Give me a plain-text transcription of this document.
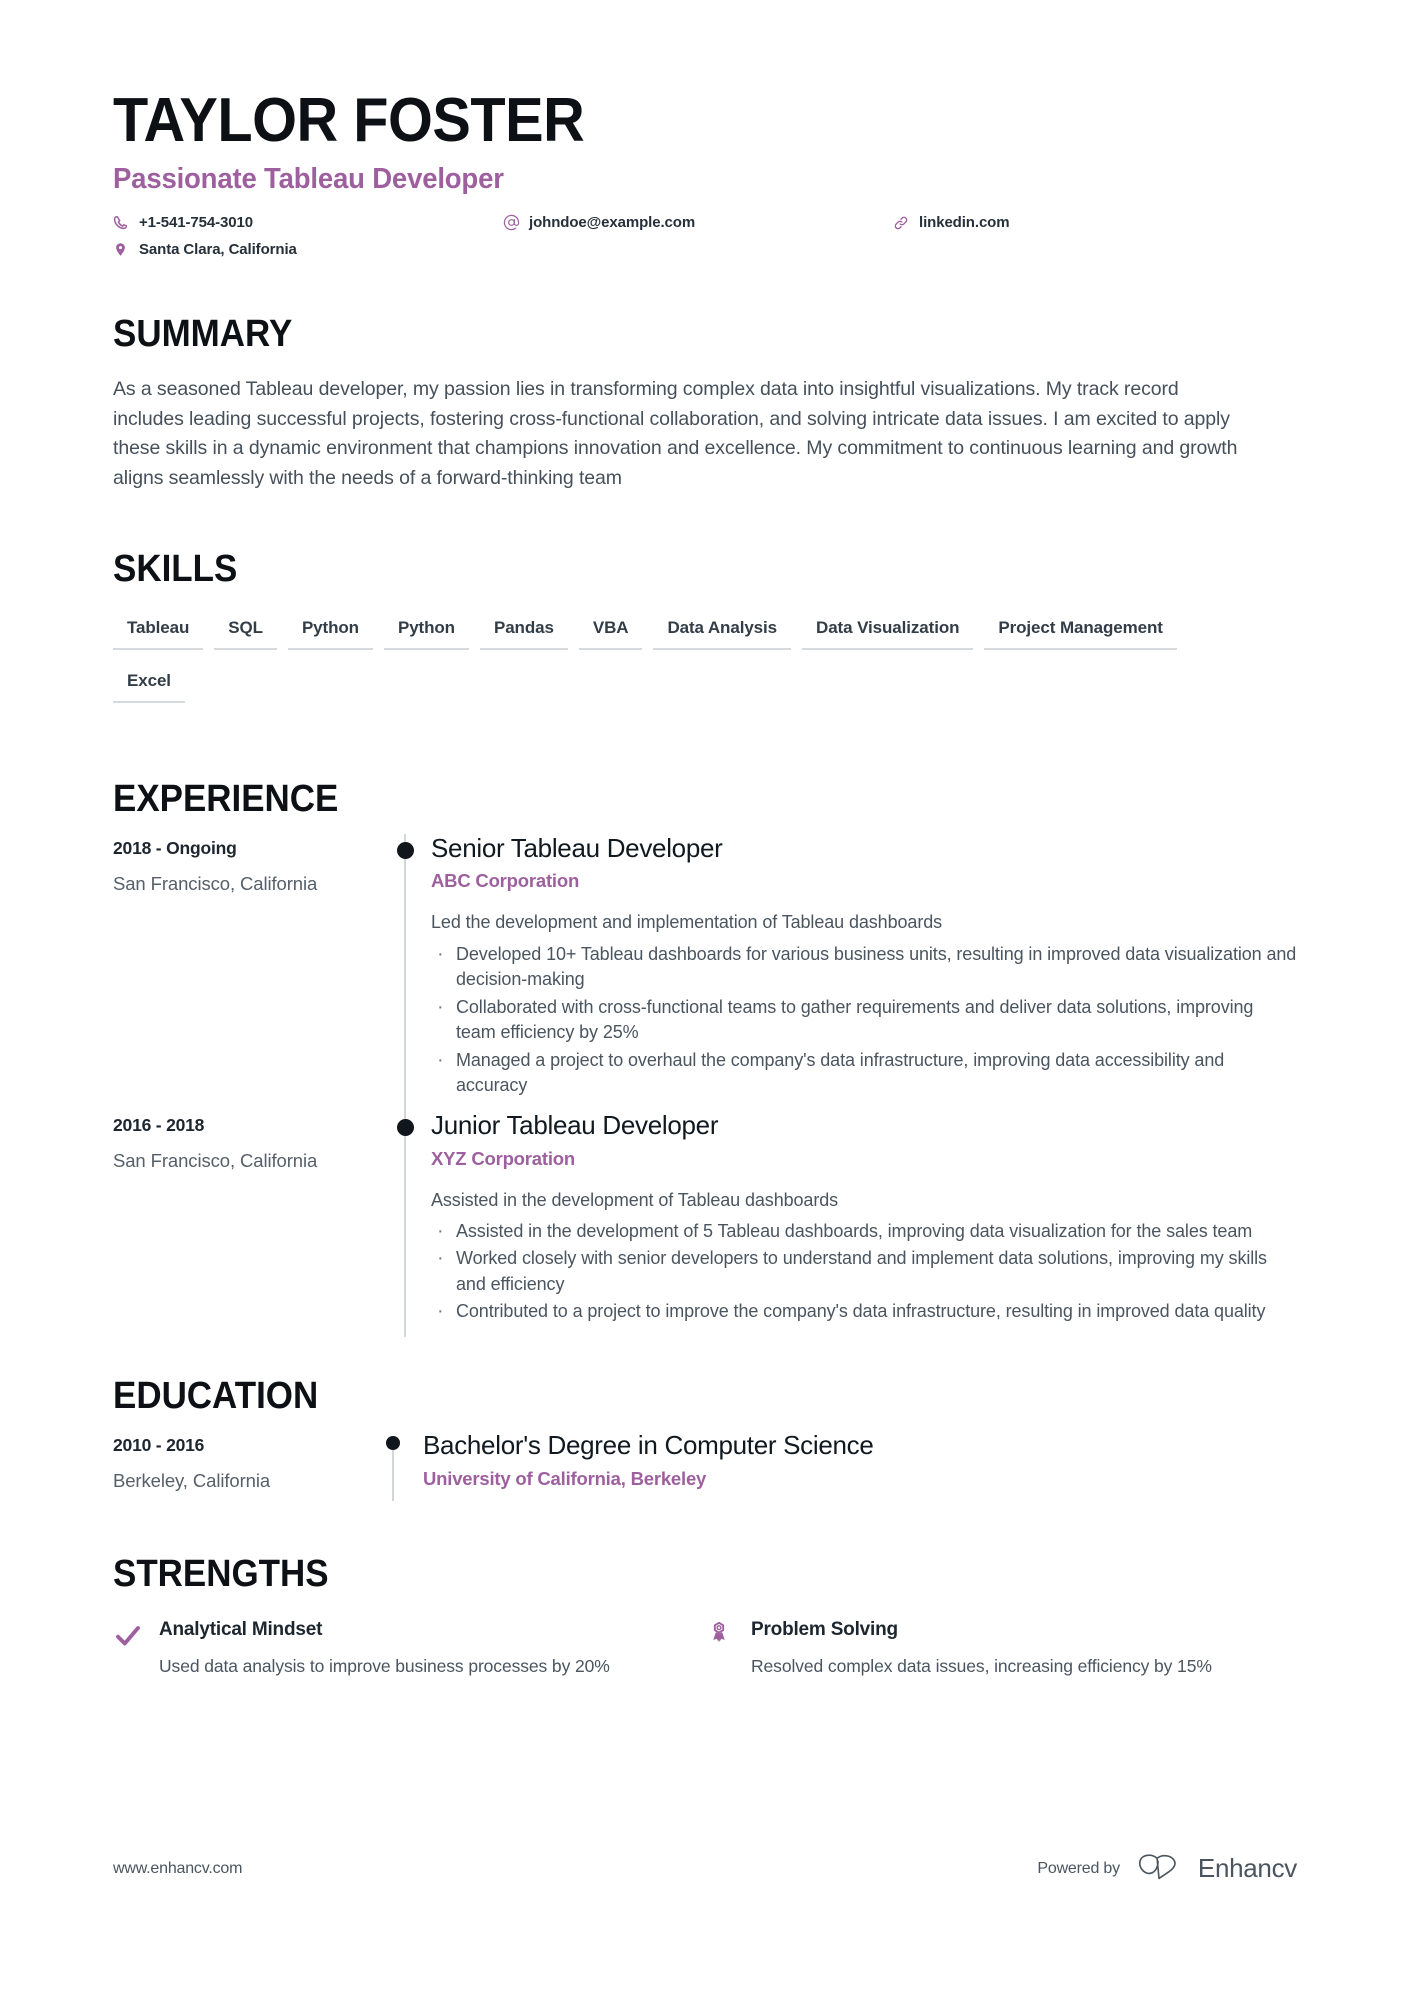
TAYLOR FOSTER
Passionate Tableau Developer
+1-541-754-3010	johndoe@example.com	linkedin.com
Santa Clara, California
SUMMARY

As a seasoned Tableau developer, my passion lies in transforming complex data into insightful visualizations. My track record includes leading successful projects, fostering cross-functional collaboration, and solving intricate data issues. I am excited to apply these skills in a dynamic environment that champions innovation and excellence. My commitment to continuous learning and growth aligns seamlessly with the needs of a forward-thinking team

SKILLS
Tableau	SQL	Python	Python	Pandas	VBA	Data Analysis	Data Visualization	Project Management
Excel
EXPERIENCE
2018 - Ongoing
San Francisco, California
Senior Tableau Developer
ABC Corporation
Led the development and implementation of Tableau dashboards
· Developed 10+ Tableau dashboards for various business units, resulting in improved data visualization and decision-making
· Collaborated with cross-functional teams to gather requirements and deliver data solutions, improving team efficiency by 25%
· Managed a project to overhaul the company's data infrastructure, improving data accessibility and accuracy
2016 - 2018
San Francisco, California
Junior Tableau Developer
XYZ Corporation
Assisted in the development of Tableau dashboards
· Assisted in the development of 5 Tableau dashboards, improving data visualization for the sales team
· Worked closely with senior developers to understand and implement data solutions, improving my skills and efficiency
· Contributed to a project to improve the company's data infrastructure, resulting in improved data quality
EDUCATION
2010 - 2016
Berkeley, California
Bachelor's Degree in Computer Science
University of California, Berkeley
STRENGTHS
Analytical Mindset
Used data analysis to improve business processes by 20%
Problem Solving
Resolved complex data issues, increasing efficiency by 15%
www.enhancv.com	Powered by	Enhancv
